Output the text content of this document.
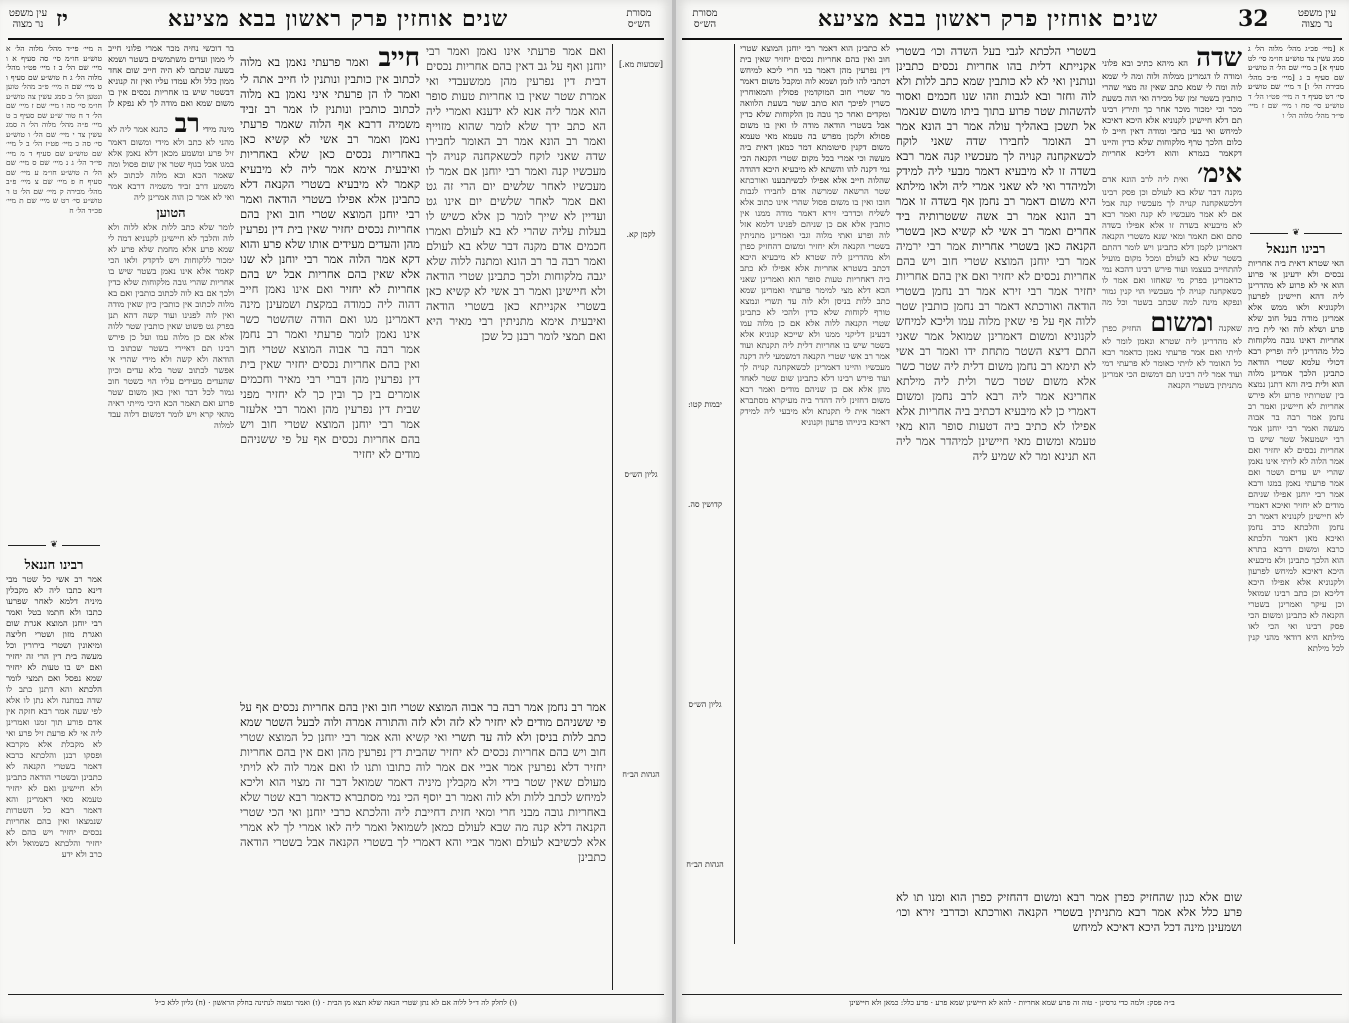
עין משפט נר מצוה יז	שנים אוחזין פרק ראשון בבא מציעא	מסורת הש״ס
ה מיי׳ פי״ד מהל׳ מלוה הל׳ א טוש״ע חו״מ סי׳ סה סעיף א ו מיי׳ שם הל׳ ב ז מיי׳ פט״ו מהל׳ מלוה הל׳ ג ח טוש״ע שם סעיף ו ט מיי׳ שם ה מיי׳ פ״ב מהל׳ טוען ונטען הל׳ ב סמג עשין צה טוש״ע חו״מ סי׳ סה ו מיי׳ שם ז מיי׳ שם הל׳ ד ח טור ש״ע שם סעיף ב ט מיי׳ פ״ה מהל׳ מלוה הל׳ ה סמג עשין צד י מיי׳ שם הל׳ ו טוש״ע סי׳ סה כ מיי׳ פט״ז הל׳ ב ל מיי׳ שם טוש״ע שם סעיף ד מ מיי׳ פי״ד הל׳ ג נ מיי׳ שם ס מיי׳ שם הל׳ ה טוש״ע חו״מ ע מיי׳ שם סעיף ח פ מיי׳ שם צ מיי׳ פ״ב מהל׳ מכירה ק מיי׳ שם הל׳ ט ר טוש״ע סי׳ רט ש מיי׳ שם ת מיי׳ פכ״ד הל׳ ח
❦
רבינו חננאל
אמר רב אשי כל שטר מבי דינא כתבו ליה לא מקבלין מיניה דלמא לאחר שפרעו כתבו ולא חתמו בטל ואמר רבי יוחנן המוצא אגרת שום ואגרת מזון ושטרי חליצה ומיאונין ושטרי בירורין וכל מעשה בית דין הרי זה יחזיר ואם יש בו טעות לא יחזיר שמא נפסל ואם תמצי לומר הלכתא והא דתנן כתב לו שדה במתנה ולא נתן לו אלא לפי שעה אמר רבא חזקה אין אדם פורע תוך זמנו ואמרינן ליה אי לא פרעת זיל פרע ואי לא מקבלת אלא מקרבא ופסקו רבנן והלכתא כרבא דאמר בשטרי הקנאה לא כתבינן ובשטרי הודאה כתבינן ולא חיישינן ואם לא יחזיר טעמא מאי דאמרינן והא דאמר רבא כל השטרות שנמצאו ואין בהם אחריות נכסים יחזיר ויש בהם לא יחזיר והלכתא כשמואל ולא כרב ולא ידע
בר דוכשי נחיה מכר אמרי פלוני חייב לי ממון ועדים משתמשים בשטר ושמא בשעה שכתבו לא היה חייב שום אחד ממון כלל ולא עמדו עליו ואין זה קנוניא דבשטר שיש בו אחריות נכסים אין בו משום שמא ואם מודה לך לא נפקא לן מינה מידי רב כהנא אמר ליה לא מהני לא כתב ולא מידי ומשום דאמר זיל פרע ומשמע מכאן דלא נאמן אלא במגו אבל בגוף שטר אין שום פסול ומה שאמר הכא ובא מלוה לכתוב לא משמע דרב זביד משמיה דרבא אמר ואי לא אמר כן הוה אמרינן ליה
הטוען
לומר שלא כתב ללות אלא ללוה ולא לוה והלכך לא חיישינן לקנוניא דמה לי שמא פרע אלא מחמת שלא פרע לא ימכור ללקוחות ויש לדקדק ולאו הכי קאמר אלא אינו נאמן בשטר שיש בו אחריות שהרי גובה מלקוחות שלא כדין ולכך אם בא לוה לכתוב כותבין ואם בא מלוה לכתוב אין כותבין כיון שאין מודה ואין לוה לפנינו ועוד קשה דהא תנן בפרק גט פשוט שאין כותבין שטר ללוה אלא אם כן מלוה עמו ועל כן פירש רבינו תם דאיירי בשטר שכתוב בו הודאה ולא קשה ולא מידי שהרי אי אפשר לכתוב שטר בלא עדים וכיון שהעדים מעידים עליו הוי כשטר חוב גמור לכל דבר ואין כאן משום שטר פרוע ואם תאמר הכא היכי מייתי ראיה מהאי קרא ויש לומר דמשום דלוה עבד למלוה
חייב ואמר פרעתי נאמן בא מלוה לכתוב אין כותבין ונותנין לו חייב אתה לי ואמר לו הן פרעתי איני נאמן בא מלוה לכתוב כותבין ונותנין לו אמר רב זביד משמיה דרבא אף הלוה שאמר פרעתי נאמן ואמר רב אשי לא קשיא כאן באחריות נכסים כאן שלא באחריות ואיבעית אימא אמר ליה לא מיבעיא קאמר לא מיבעיא בשטרי הקנאה דלא כתבינן אלא אפילו בשטרי הודאה ואמר רבי יוחנן המוצא שטרי חוב ואין בהם אחריות נכסים יחזיר שאין בית דין נפרעין מהן והעדים מעידים אותו שלא פרע והוא דקא אמר הלוה אמר רבי יוחנן לא שנו אלא שאין בהם אחריות אבל יש בהם אחריות לא יחזיר ואם אינו נאמן חייב דהוה ליה כמודה במקצת ושמעינן מינה דאמרינן מגו ואם הודה שהשטר כשר אינו נאמן לומר פרעתי ואמר רב נחמן אמר רבה בר אבוה המוצא שטרי חוב ואין בהם אחריות נכסים יחזיר שאין בית דין נפרעין מהן דברי רבי מאיר וחכמים אומרים בין כך ובין כך לא יחזיר מפני שבית דין נפרעין מהן ואמר רבי אלעזר אמר רבי יוחנן המוצא שטרי חוב ויש בהם אחריות נכסים אף על פי ששניהם מודים לא יחזיר
ואם אמר פרעתי אינו נאמן ואמר רבי יוחנן ואף על גב דאין בהם אחריות נכסים דבית דין נפרעין מהן ממשעבדי ואי אמרת שטר שאין בו אחריות טעות סופר הוא אמר ליה אנא לא ידענא ואמרי ליה הא כתב ידך שלא לומר שהוא מזוייף ואמר רב הונא אמר רב האומר לחבירו שדה שאני לוקח לכשאקחנה קנויה לך מעכשיו קנה ואמר רבי יוחנן אם אמר לו מעכשיו לאחר שלשים יום הרי זה גט ואם אמר לאחר שלשים יום אינו גט ועדיין לא שייך לומר כן אלא כשיש לו בעלות עליה שהרי לא בא לעולם ואמרו חכמים אדם מקנה דבר שלא בא לעולם ואמר רבה בר רב הונא ומתנה ללוה שלא יגבה מלקוחות ולכך כתבינן שטרי הודאה ולא חיישינן ואמר רב אשי לא קשיא כאן בשטרי אקנייתא כאן בשטרי הודאה ואיבעית אימא מתניתין רבי מאיר היא ואם תמצי לומר רבנן כל שכן
אמר רב נחמן אמר רבה בר אבוה המוצא שטרי חוב ואין בהם אחריות נכסים אף על פי ששניהם מודים לא יחזיר לא לזה ולא לזה והתורה אמרה ולוה לבעל השטר שמא כתב ללות בניסן ולא לוה עד תשרי ואי קשיא והא אמר רבי יוחנן כל המוצא שטרי חוב ויש בהם אחריות נכסים לא יחזיר שהבית דין נפרעין מהן ואם אין בהם אחריות יחזיר דלא נפרעין אמר אביי אם אמר לוה כתובו ותנו לו ואם אמר לוה לא לויתי מעולם שאין שטר בידי ולא מקבלין מיניה דאמר שמואל דבר זה מצוי הוא וליכא למיחש לכתב ללות ולא לוה ואמר רב יוסף הכי נמי מסתברא כדאמר רבא שטר שלא באחריות גובה מבני חרי ומאי חזית דחייבת ליה והלכתא כרבי יוחנן ואי הכי שטרי הקנאה דלא קנה מה שבא לעולם כמאן לשמואל ואמר ליה לאו אמרי לך לא אמרי אלא לכשיבא לעולם ואמר אביי והא דאמרי לך בשטרי הקנאה אבל בשטרי הודאה כתבינן
[שבועות מא.]
לקמן קא.
גליון הש״ס
הגהות הב״ח
(ו) לחלק לה ד״ל ללוה אם לא נתן שטרי הנאה שלא תצא מן הבית · (ז) ואמר ומצוה לנתינה בחלק הראשון · (ח) גליון ללא כ״ל
מסורת הש״ס	שנים אוחזין פרק ראשון בבא מציעא	32	עין משפט נר מצוה
יבמות קטו:
קדושין סה.
גליון הש״ס
הגהות הב״ח
לא כתבינן הוא דאמר רבי יוחנן המוצא שטרי חוב ואין בהם אחריות נכסים יחזיר שאין בית דין נפרעין מהן דאמר בני חרי ליכא למיחש דכתבי להו לזמן ושמא לוה ומקבל משום דאמר מר שטרי חוב המוקדמין פסולין והמאוחרין כשרין לפיכך הוא כותב שטר בשעת הלוואה ומקדים ואחר כך גובה מן הלקוחות שלא כדין אבל בשטרי הודאה מודה לו ואין בו משום פסולא ולקמן מפרש בה טעמא מאי טעמא משום דקנין סיטומתא דמר כמאן דאית ביה מעשה וכי אמרי בכל מקום שטרי הקנאה הכי נמי דקנה להו והשתא לא מיבעיא היכא דהודה שהלוה חייב אלא אפילו לכשיתבענו ואורכתא שטר הרשאה שמרשה אדם לחבירו לגבות חובו ואין בו משום פסול שהרי אינו כתוב אלא לשליח וכדרבי זירא דאמר מודה ממנו אין כותבין אלא אם כן שניהם לפנינו דלמא אזל לוה ופרע ואתי מלוה וגבי ואמרינן מתניתין בשטרי הקנאה ולא יחזיר ומשום דהחזיק כפרן ולא מהדרינן ליה שטרא לא מיבעיא היכא דכתב בשטרא אחריות אלא אפילו לא כתב ביה דאחריות טעות סופר הוא ואמרינן שאני הכא דלא מצי למימר פרעתי ואמרינן שמא כתב ללות בניסן ולא לוה עד תשרי ונמצא טורף לקוחות שלא כדין ולהכי לא כתבינן שטרי הקנאה ללוה אלא אם כן מלוה עמו דבעינן דליקני ממנו ולא שייכא קנוניא אלא בשטר שיש בו אחריות דלית ליה תקנתא ועוד אמר רב אשי שטרי הקנאה דמשמעי ליה דקנה מעכשיו והיינו דאמרינן לכשאקחנה קנויה לך ועוד פירש רבינו דלא כתבינן שום שטר לאחד מהן אלא אם כן שניהם מודים ואמר רבא משום דחזינן ליה דהדר ביה מעיקרא מסתברא דאמר אית לי תקנתא ולא מיבעי ליה למידק דאיכא בינייהו פרעון וקנוניא
בשטרי הלכתא לגבי בעל השדה וכו׳ בשטרי אקנייתא דלית בהו אחריות נכסים כתבינן ונותנין ואי לא לא כותבין שמא כתב ללות ולא לוה וחזר ובא לגבות וזהו שנו חכמים ואסור להשהות שטר פרוע בתוך ביתו משום שנאמר אל תשכן באהליך עולה אמר רב הונא אמר רב האומר לחבירו שדה שאני לוקח לכשאקחנה קנויה לך מעכשיו קנה אמר רבא בשדה זו לא מיבעיא דאמר מבעי ליה למידק ולמיהדר ואי לא שאני אמרי ליה ולאו מילתא היא משום דאמר רב נחמן אף בשדה זו אמר רב הונא אמר רב אשה ששטרותיה ביד אחרים ואמר רב אשי לא קשיא כאן בשטרי הקנאה כאן בשטרי אחריות אמר רבי ירמיה אמר רבי יוחנן המוצא שטרי חוב ויש בהם אחריות נכסים לא יחזיר ואם אין בהם אחריות יחזיר אמר רבי זירא אמר רב נחמן בשטרי הודאה ואורכתא דאמר רב נחמן כותבין שטר ללוה אף על פי שאין מלוה עמו וליכא למיחש לקנוניא ומשום דאמרינן שמואל אמר שאני התם דיצא השטר מתחת ידו ואמר רב אשי לא תימא רב נחמן משום דלית ליה שטר כשר אלא משום שטר כשר ולית ליה מילתא אחרינא אמר ליה רבא לרב נחמן ומשום דאמרי כן לא מיבעיא דכתיב ביה אחריות אלא אפילו לא כתיב ביה דטעות סופר הוא מאי טעמא ומשום מאי חיישינן למיהדר אמר ליה הא תנינא ומר לא שמיע ליה
שדה הא מיהא כתיב ובא פלוני ומודה לו דגמרינן ממלוה ולוה ומה לי שמא לוה ומה לי שמא כתב שאין זה מצוי שהרי כותבין בשטר זמן של מכירה ואי הוה בשעת מכר וכי ימכור מוכר אחר כך ותירץ רבינו תם דלא חיישינן לקנוניא אלא היכא דאיכא למיחש ואי בעי כתבי ומודה דאין חייב לו כלום הלכך טרף מלקוחות שלא כדין והיינו דקאמר בגמרא והוא דליכא אחריות אימ׳ ואית ליה לרב הונא אדם מקנה דבר שלא בא לעולם וכן פסק רבינו דלכשאקחנה קנויה לך מעכשיו קנה אבל אם לא אמר מעכשיו לא קנה ואמר רבא לא מיבעיא בשדה זו אלא אפילו בשדה סתם ואם תאמר ומאי שנא משטרי הקנאה דאמרינן לקמן דלא כתבינן ויש לומר דהתם בשטר שלא בא לעולם ומכל מקום מועיל להתחייב בעצמו ועוד פירש רבינו דהכא נמי כדאמרינן בפרק מי שאחזו ואם אמר לו כשאקחנה קנויה לך מעכשיו הוי קנין גמור ונפקא מינה למה שכתב בשטר וכל מה שאקנה ומשום החזיק כפרן לא מהדרינן ליה שטרא ונאמן לומר לא לויתי ואם אמר פרעתי נאמן כדאמר רבא כל האומר לא לויתי כאומר לא פרעתי דמי ועוד אמר ליה רבינו תם דמשום הכי אמרינן מתניתין בשטרי הקנאה
שום אלא כגון שהחזיק כפרן אמר רבא ומשום דהחזיק כפרן הוא ומנו תו לא פרע כלל אלא אמר רבא מתניתין בשטרי הקנאה ואורכתא וכדרבי זירא וכו׳ ושמעינן מינה דכל היכא דאיכא למיחש
א [מיי׳ פכ״ג מהל׳ מלוה הל׳ ג סמג עשין צד טוש״ע חו״מ סי׳ לט סעיף א] ב מיי׳ שם הל׳ ה טוש״ע שם סעיף ב ג [מיי׳ פ״ב מהל׳ מכירה הל׳ ו] ד מיי׳ שם טוש״ע סי׳ רט סעיף ד ה מיי׳ פט״ו הל׳ ד טוש״ע סי׳ סח ו מיי׳ שם ז מיי׳ פי״ד מהל׳ מלוה הל׳ ו
❦
רבינו חננאל
האי שטרא דאית ביה אחריות נכסים ולא ידעינן אי פרוע הוא אי לא פרוע לא מהדרינן ליה דהא חיישינן לפרעון ולקנוניא ולאו ממש אלא אמרינן מודה בעל חוב שלא פרע ושלא לוה ואי לית ביה אחריות דאינו גובה מלקוחות כלל מהדרינן ליה ופריק רבא דכולי עלמא שטרי הודאה כתבינן הלכך אמרינן מלוה הוא ולית ביה והא דתנן נמצא בין שטרותיו פרוע ולא פירש אחריות לא חיישינן ואמר רב נחמן אמר רבה בר אבוה מעשה ואמר רבי יוחנן אמר רבי ישמעאל שטר שיש בו אחריות נכסים לא יחזיר ואם אמר הלוה לא לויתי אינו נאמן שהרי יש עדים ושטר ואם אמר פרעתי נאמן במגו ורבא אמר רבי יוחנן אפילו שניהם מודים לא יחזיר ואיכא דאמרי לא חיישינן לקנוניא דאמר רב נחמן והלכתא כרב נחמן ואיכא מאן דאמר הלכתא כרבא ומשום דרבא בתרא הוא הלכך כתבינן ולא מיבעיא היכא דאיכא למיחש לפרעון ולקנוניא אלא אפילו היכא דליכא וכן כתב רבינו שמואל וכן עיקר ואמרינן בשטרי הקנאה לא כתבינן ומשום הכי פסק רבינו ואי הכי לאו מילתא היא דודאי מהני קנין לכל מילתא
ב״ה פסק: ולמה כדי גרסינן · טוה זה פרע שמא אחריות · להא לא חיישינן שמא פרע · פרע כלל: כמאן ולא חיישינן
